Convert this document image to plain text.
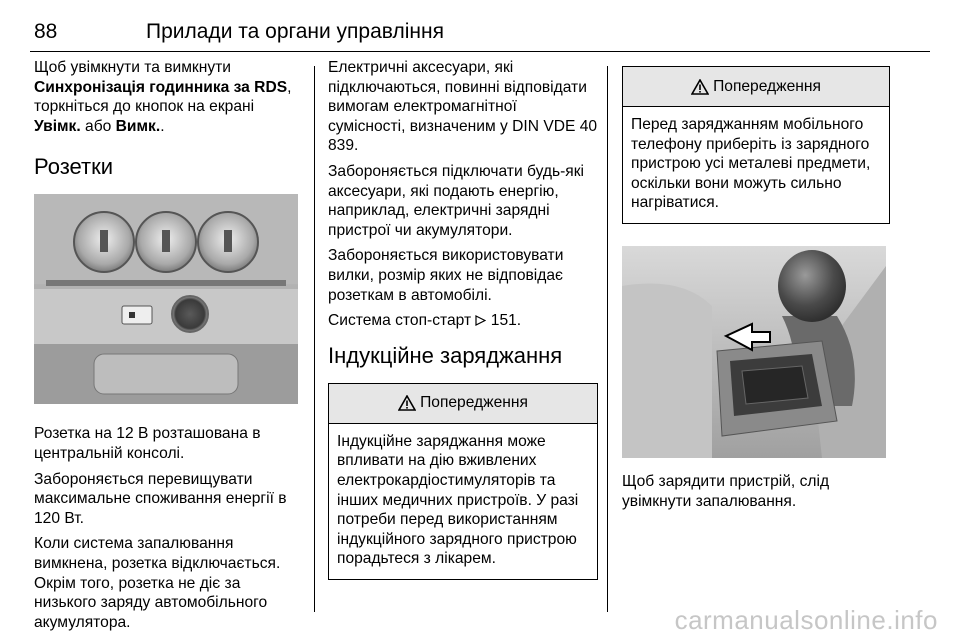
88	Прилади та органи управління
Щоб увімкнути та вимкнути
Синхронізація годинника за RDS,
торкніться до кнопок на екрані
Увімк. або Вимк..
Розетки
Розетка на 12 В розташована в центральній консолі.
Забороняється перевищувати максимальне споживання енергії в 120 Вт.
Коли система запалювання вимкнена, розетка відключається. Окрім того, розетка не діє за низького заряду автомобільного акумулятора.
Електричні аксесуари, які підключаються, повинні відповідати вимогам електромагнітної сумісності, визначеним у DIN VDE 40 839.
Забороняється підключати будь-які аксесуари, які подають енергію, наприклад, електричні зарядні пристрої чи акумулятори.
Забороняється використовувати вилки, розмір яких не відповідає розеткам в автомобілі.
Система стоп-старт  151.
Індукційне заряджання
Попередження
Індукційне заряджання може впливати на дію вживлених електрокардіостимуляторів та інших медичних пристроїв. У разі потреби перед використанням індукційного зарядного пристрою порадьтеся з лікарем.
Попередження
Перед заряджанням мобільного телефону приберіть із зарядного пристрою усі металеві предмети, оскільки вони можуть сильно нагріватися.
Щоб зарядити пристрій, слід увімкнути запалювання.
carmanualsonline.info
